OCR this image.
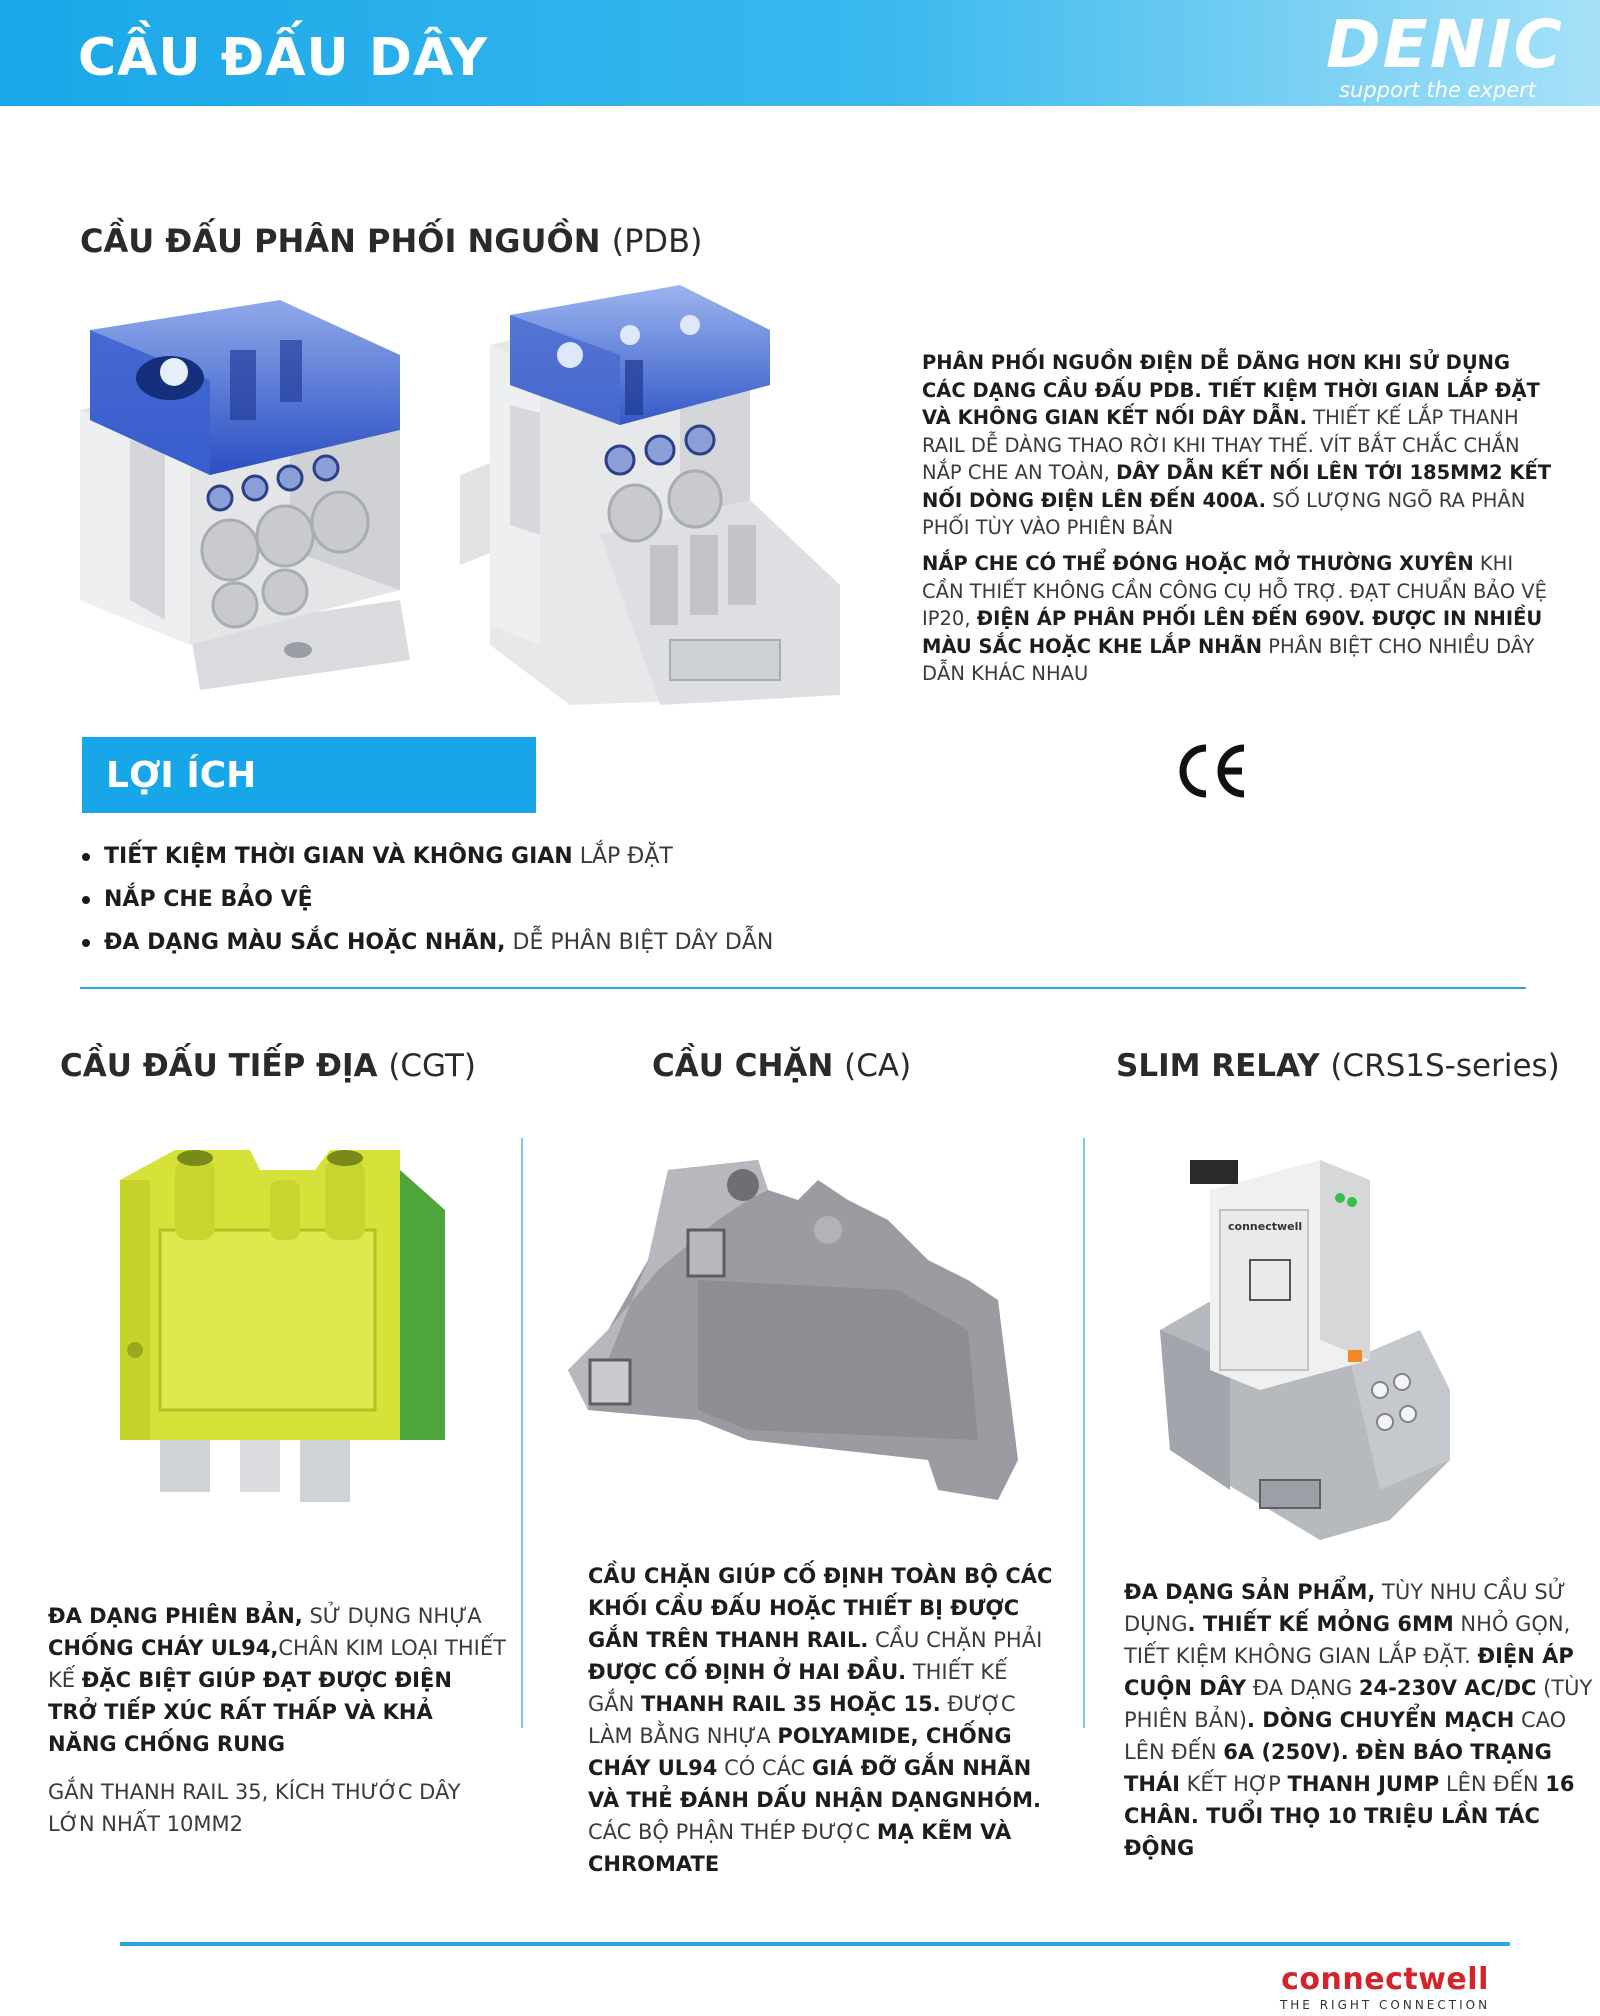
CẦU ĐẤU DÂY	DENIC
support the expert
CẦU ĐẤU PHÂN PHỐI NGUỒN (PDB)
PHÂN PHỐI NGUỒN ĐIỆN DỄ DÃNG HƠN KHI SỬ DỤNG CÁC DẠNG CẦU ĐẤU PDB. TIẾT KIỆM THỜI GIAN LẮP ĐẶT VÀ KHÔNG GIAN KẾT NỐI DÂY DẪN. THIẾT KẾ LẮP THANH RAIL DỄ DÀNG THAO RỜI KHI THAY THẾ. VÍT BẮT CHẮC CHẮN NẮP CHE AN TOÀN, DÂY DẪN KẾT NỐI LÊN TỚI 185MM2 KẾT NỐI DÒNG ĐIỆN LÊN ĐẾN 400A. SỐ LƯỢNG NGÕ RA PHÂN PHỐI TÙY VÀO PHIÊN BẢN
NẮP CHE CÓ THỂ ĐÓNG HOẶC MỞ THƯỜNG XUYÊN KHI CẦN THIẾT KHÔNG CẦN CÔNG CỤ HỖ TRỢ. ĐẠT CHUẨN BẢO VỆ IP20, ĐIỆN ÁP PHÂN PHỐI LÊN ĐẾN 690V. ĐƯỢC IN NHIỀU MÀU SẮC HOẶC KHE LẮP NHÃN PHÂN BIỆT CHO NHIỀU DÂY DẪN KHÁC NHAU
LỢI ÍCH
TIẾT KIỆM THỜI GIAN VÀ KHÔNG GIAN LẮP ĐẶT
NẮP CHE BẢO VỆ
ĐA DẠNG MÀU SẮC HOẶC NHÃN, DỄ PHÂN BIỆT DÂY DẪN
CẦU ĐẤU TIẾP ĐỊA (CGT)	CẦU CHẶN (CA)	SLIM RELAY (CRS1S-series)
connectwell
ĐA DẠNG PHIÊN BẢN, SỬ DỤNG NHỰA CHỐNG CHÁY UL94,CHÂN KIM LOẠI THIẾT KẾ ĐẶC BIỆT GIÚP ĐẠT ĐƯỢC ĐIỆN TRỞ TIẾP XÚC RẤT THẤP VÀ KHẢ NĂNG CHỐNG RUNG
GẮN THANH RAIL 35, KÍCH THƯỚC DÂY LỚN NHẤT 10MM2
CẦU CHẶN GIÚP CỐ ĐỊNH TOÀN BỘ CÁC KHỐI CẦU ĐẤU HOẶC THIẾT BỊ ĐƯỢC GẮN TRÊN THANH RAIL. CẦU CHẶN PHẢI ĐƯỢC CỐ ĐỊNH Ở HAI ĐẦU. THIẾT KẾ GẮN THANH RAIL 35 HOẶC 15. ĐƯỢC LÀM BẰNG NHỰA POLYAMIDE, CHỐNG CHÁY UL94 CÓ CÁC GIÁ ĐỠ GẮN NHÃN VÀ THẺ ĐÁNH DẤU NHẬN DẠNGNHÓM. CÁC BỘ PHẬN THÉP ĐƯỢC MẠ KẼM VÀ CHROMATE
ĐA DẠNG SẢN PHẨM, TÙY NHU CẦU SỬ DỤNG. THIẾT KẾ MỎNG 6MM NHỎ GỌN, TIẾT KIỆM KHÔNG GIAN LẮP ĐẶT. ĐIỆN ÁP CUỘN DÂY ĐA DẠNG 24-230V AC/DC (TÙY PHIÊN BẢN). DÒNG CHUYỂN MẠCH CAO LÊN ĐẾN 6A (250V). ĐÈN BÁO TRẠNG THÁI KẾT HỢP THANH JUMP LÊN ĐẾN 16 CHÂN. TUỔI THỌ 10 TRIỆU LẦN TÁC ĐỘNG
connectwell
THE RIGHT CONNECTION
